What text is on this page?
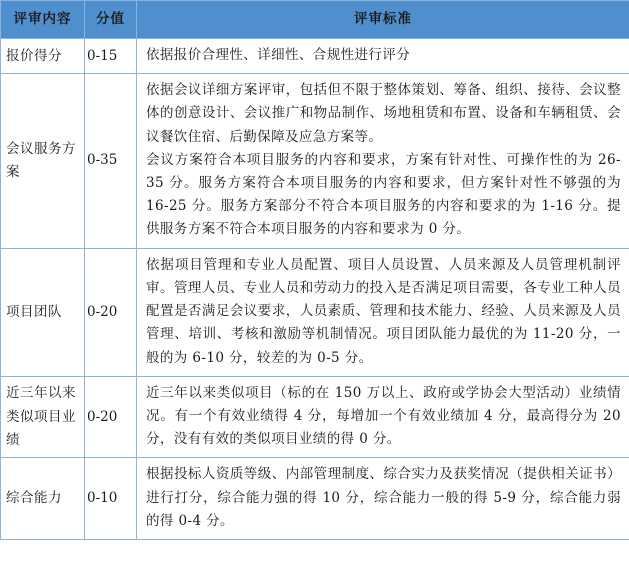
评审内容	分值	评审标准
报价得分	0-15	依据报价合理性、详细性、合规性进行评分

会议服务方案	0-35	依据会议详细方案评审，包括但不限于整体策划、筹备、组织、接待、会议整体的创意设计、会议推广和物品制作、场地租赁和布置、设备和车辆租赁、会议餐饮住宿、后勤保障及应急方案等。

会议方案符合本项目服务的内容和要求，方案有针对性、可操作性的为 26-35 分。服务方案符合本项目服务的内容和要求，但方案针对性不够强的为 16-25 分。服务方案部分不符合本项目服务的内容和要求的为 1-16 分。提供服务方案不符合本项目服务的内容和要求为 0 分。

项目团队	0-20	依据项目管理和专业人员配置、项目人员设置、人员来源及人员管理机制评审。管理人员、专业人员和劳动力的投入是否满足项目需要，各专业工种人员配置是否满足会议要求，人员素质、管理和技术能力、经验、人员来源及人员管理、培训、考核和激励等机制情况。项目团队能力最优的为 11-20 分，一般的为 6-10 分，较差的为 0-5 分。

近三年以来类似项目业绩	0-20	近三年以来类似项目（标的在 150 万以上、政府或学协会大型活动）业绩情况。有一个有效业绩得 4 分，每增加一个有效业绩加 4 分，最高得分为 20 分，没有有效的类似项目业绩的得 0 分。

综合能力	0-10	根据投标人资质等级、内部管理制度、综合实力及获奖情况（提供相关证书）进行打分，综合能力强的得 10 分，综合能力一般的得 5-9 分，综合能力弱的得 0-4 分。
